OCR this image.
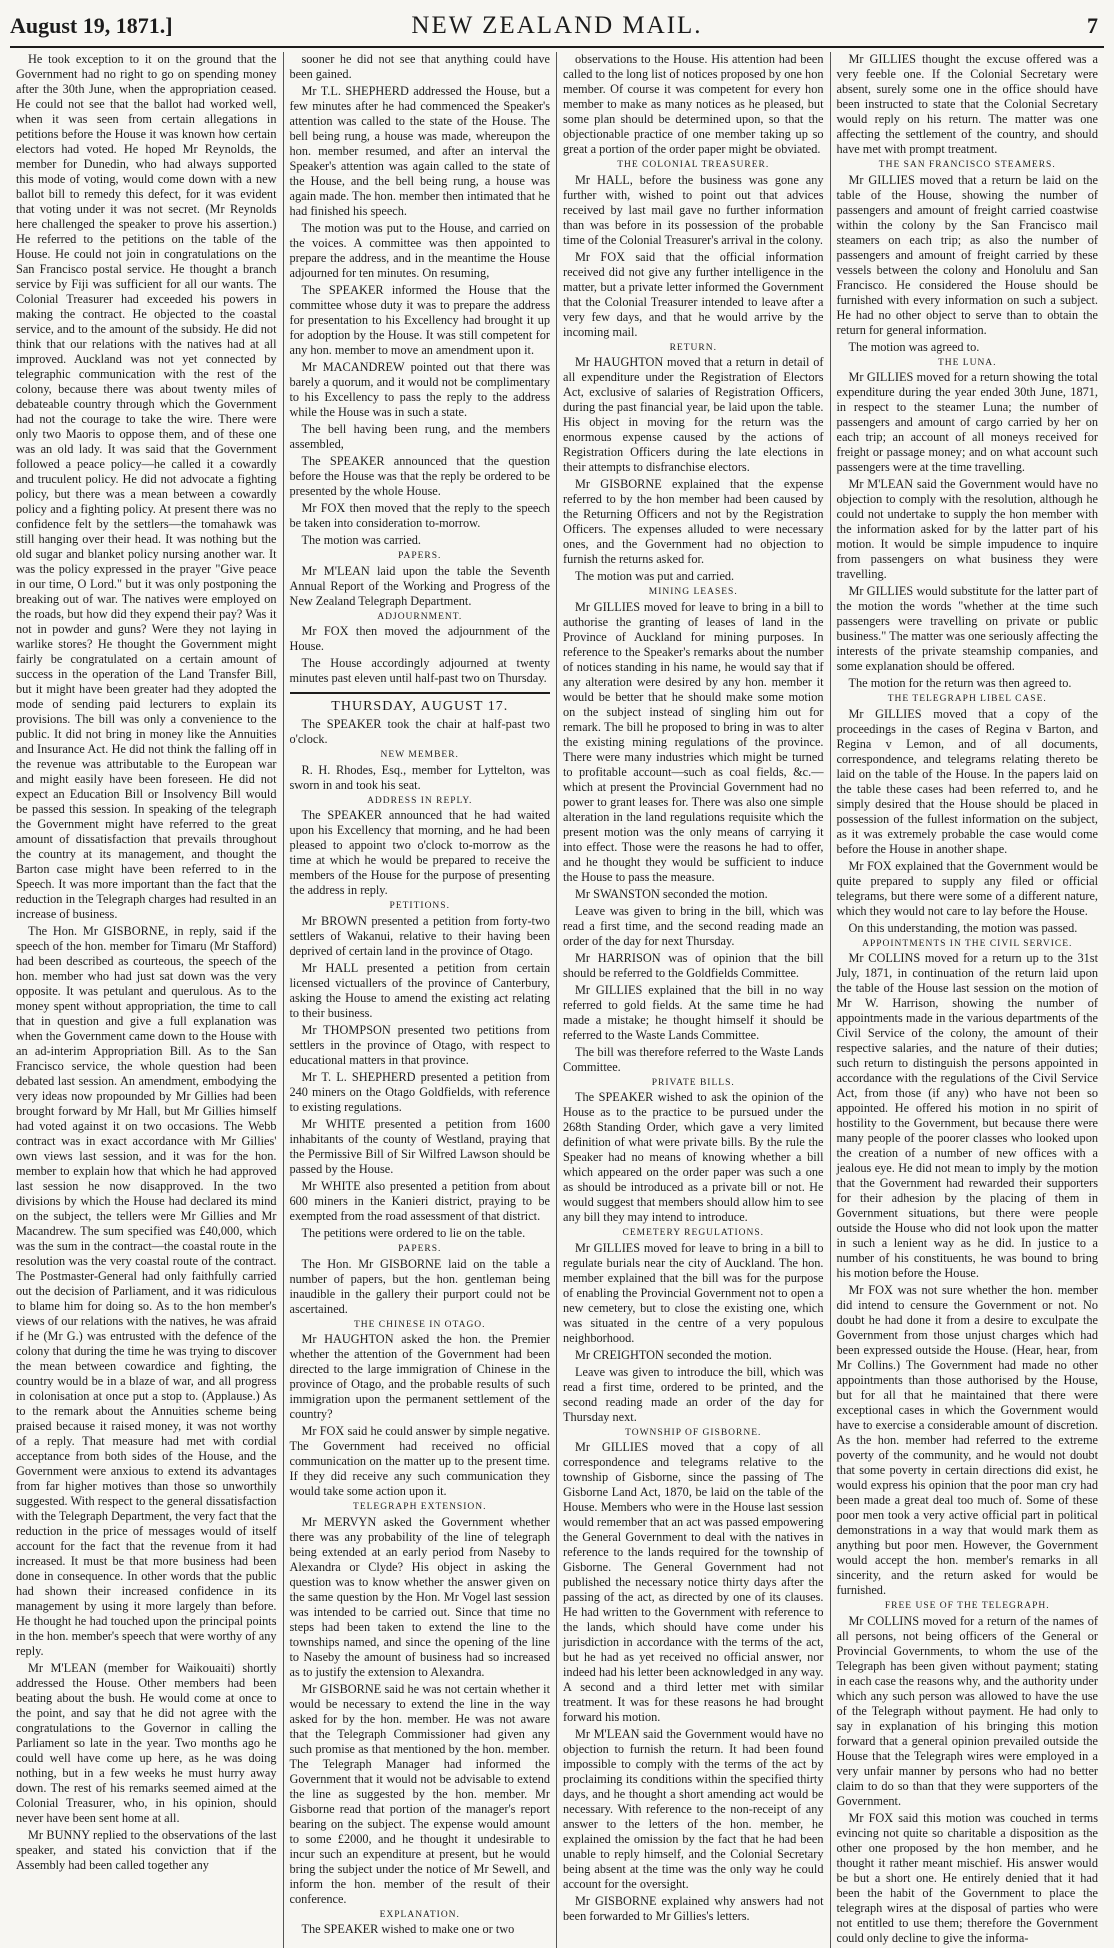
August 19, 1871.]	NEW ZEALAND MAIL.	7

He took exception to it on the ground that the Government had no right to go on spending money after the 30th June, when the appropriation ceased. He could not see that the ballot had worked well, when it was seen from certain allegations in petitions before the House it was known how certain electors had voted. He hoped Mr Reynolds, the member for Dunedin, who had always supported this mode of voting, would come down with a new ballot bill to remedy this defect, for it was evident that voting under it was not secret. (Mr Reynolds here challenged the speaker to prove his assertion.) He referred to the petitions on the table of the House. He could not join in congratulations on the San Francisco postal service. He thought a branch service by Fiji was sufficient for all our wants. The Colonial Treasurer had exceeded his powers in making the contract. He objected to the coastal service, and to the amount of the subsidy. He did not think that our relations with the natives had at all improved. Auckland was not yet connected by telegraphic communication with the rest of the colony, because there was about twenty miles of debateable country through which the Government had not the courage to take the wire. There were only two Maoris to oppose them, and of these one was an old lady. It was said that the Government followed a peace policy—he called it a cowardly and truculent policy. He did not advocate a fighting policy, but there was a mean between a cowardly policy and a fighting policy. At present there was no confidence felt by the settlers—the tomahawk was still hanging over their head. It was nothing but the old sugar and blanket policy nursing another war. It was the policy expressed in the prayer "Give peace in our time, O Lord." but it was only postponing the breaking out of war. The natives were employed on the roads, but how did they expend their pay? Was it not in powder and guns? Were they not laying in warlike stores? He thought the Government might fairly be congratulated on a certain amount of success in the operation of the Land Transfer Bill, but it might have been greater had they adopted the mode of sending paid lecturers to explain its provisions. The bill was only a convenience to the public. It did not bring in money like the Annuities and Insurance Act. He did not think the falling off in the revenue was attributable to the European war and might easily have been foreseen. He did not expect an Education Bill or Insolvency Bill would be passed this session. In speaking of the telegraph the Government might have referred to the great amount of dissatisfaction that prevails throughout the country at its management, and thought the Barton case might have been referred to in the Speech. It was more important than the fact that the reduction in the Telegraph charges had resulted in an increase of business.

The Hon. Mr GISBORNE, in reply, said if the speech of the hon. member for Timaru (Mr Stafford) had been described as courteous, the speech of the hon. member who had just sat down was the very opposite. It was petulant and querulous. As to the money spent without appropriation, the time to call that in question and give a full explanation was when the Government came down to the House with an ad-interim Appropriation Bill. As to the San Francisco service, the whole question had been debated last session. An amendment, embodying the very ideas now propounded by Mr Gillies had been brought forward by Mr Hall, but Mr Gillies himself had voted against it on two occasions. The Webb contract was in exact accordance with Mr Gillies' own views last session, and it was for the hon. member to explain how that which he had approved last session he now disapproved. In the two divisions by which the House had declared its mind on the subject, the tellers were Mr Gillies and Mr Macandrew. The sum specified was £40,000, which was the sum in the contract—the coastal route in the resolution was the very coastal route of the contract. The Postmaster-General had only faithfully carried out the decision of Parliament, and it was ridiculous to blame him for doing so. As to the hon member's views of our relations with the natives, he was afraid if he (Mr G.) was entrusted with the defence of the colony that during the time he was trying to discover the mean between cowardice and fighting, the country would be in a blaze of war, and all progress in colonisation at once put a stop to. (Applause.) As to the remark about the Annuities scheme being praised because it raised money, it was not worthy of a reply. That measure had met with cordial acceptance from both sides of the House, and the Government were anxious to extend its advantages from far higher motives than those so unworthily suggested. With respect to the general dissatisfaction with the Telegraph Department, the very fact that the reduction in the price of messages would of itself account for the fact that the revenue from it had increased. It must be that more business had been done in consequence. In other words that the public had shown their increased confidence in its management by using it more largely than before. He thought he had touched upon the principal points in the hon. member's speech that were worthy of any reply.

Mr M'LEAN (member for Waikouaiti) shortly addressed the House. Other members had been beating about the bush. He would come at once to the point, and say that he did not agree with the congratulations to the Governor in calling the Parliament so late in the year. Two months ago he could well have come up here, as he was doing nothing, but in a few weeks he must hurry away down. The rest of his remarks seemed aimed at the Colonial Treasurer, who, in his opinion, should never have been sent home at all.

Mr BUNNY replied to the observations of the last speaker, and stated his conviction that if the Assembly had been called together any

sooner he did not see that anything could have been gained.

Mr T.L. SHEPHERD addressed the House, but a few minutes after he had commenced the Speaker's attention was called to the state of the House. The bell being rung, a house was made, whereupon the hon. member resumed, and after an interval the Speaker's attention was again called to the state of the House, and the bell being rung, a house was again made. The hon. member then intimated that he had finished his speech.

The motion was put to the House, and carried on the voices. A committee was then appointed to prepare the address, and in the meantime the House adjourned for ten minutes. On resuming,

The SPEAKER informed the House that the committee whose duty it was to prepare the address for presentation to his Excellency had brought it up for adoption by the House. It was still competent for any hon. member to move an amendment upon it.

Mr MACANDREW pointed out that there was barely a quorum, and it would not be complimentary to his Excellency to pass the reply to the address while the House was in such a state.

The bell having been rung, and the members assembled,

The SPEAKER announced that the question before the House was that the reply be ordered to be presented by the whole House.

Mr FOX then moved that the reply to the speech be taken into consideration to-morrow.

The motion was carried.

PAPERS.

Mr M'LEAN laid upon the table the Seventh Annual Report of the Working and Progress of the New Zealand Telegraph Department.

ADJOURNMENT.

Mr FOX then moved the adjournment of the House.

The House accordingly adjourned at twenty minutes past eleven until half-past two on Thursday.

THURSDAY, AUGUST 17.

The SPEAKER took the chair at half-past two o'clock.

NEW MEMBER.

R. H. Rhodes, Esq., member for Lyttelton, was sworn in and took his seat.

ADDRESS IN REPLY.

The SPEAKER announced that he had waited upon his Excellency that morning, and he had been pleased to appoint two o'clock to-morrow as the time at which he would be prepared to receive the members of the House for the purpose of presenting the address in reply.

PETITIONS.

Mr BROWN presented a petition from forty-two settlers of Wakanui, relative to their having been deprived of certain land in the province of Otago.

Mr HALL presented a petition from certain licensed victuallers of the province of Canterbury, asking the House to amend the existing act relating to their business.

Mr THOMPSON presented two petitions from settlers in the province of Otago, with respect to educational matters in that province.

Mr T. L. SHEPHERD presented a petition from 240 miners on the Otago Goldfields, with reference to existing regulations.

Mr WHITE presented a petition from 1600 inhabitants of the county of Westland, praying that the Permissive Bill of Sir Wilfred Lawson should be passed by the House.

Mr WHITE also presented a petition from about 600 miners in the Kanieri district, praying to be exempted from the road assessment of that district.

The petitions were ordered to lie on the table.

PAPERS.

The Hon. Mr GISBORNE laid on the table a number of papers, but the hon. gentleman being inaudible in the gallery their purport could not be ascertained.

THE CHINESE IN OTAGO.

Mr HAUGHTON asked the hon. the Premier whether the attention of the Government had been directed to the large immigration of Chinese in the province of Otago, and the probable results of such immigration upon the permanent settlement of the country?

Mr FOX said he could answer by simple negative. The Government had received no official communication on the matter up to the present time. If they did receive any such communication they would take some action upon it.

TELEGRAPH EXTENSION.

Mr MERVYN asked the Government whether there was any probability of the line of telegraph being extended at an early period from Naseby to Alexandra or Clyde? His object in asking the question was to know whether the answer given on the same question by the Hon. Mr Vogel last session was intended to be carried out. Since that time no steps had been taken to extend the line to the townships named, and since the opening of the line to Naseby the amount of business had so increased as to justify the extension to Alexandra.

Mr GISBORNE said he was not certain whether it would be necessary to extend the line in the way asked for by the hon. member. He was not aware that the Telegraph Commissioner had given any such promise as that mentioned by the hon. member. The Telegraph Manager had informed the Government that it would not be advisable to extend the line as suggested by the hon. member. Mr Gisborne read that portion of the manager's report bearing on the subject. The expense would amount to some £2000, and he thought it undesirable to incur such an expenditure at present, but he would bring the subject under the notice of Mr Sewell, and inform the hon. member of the result of their conference.

EXPLANATION.

The SPEAKER wished to make one or two

observations to the House. His attention had been called to the long list of notices proposed by one hon member. Of course it was competent for every hon member to make as many notices as he pleased, but some plan should be determined upon, so that the objectionable practice of one member taking up so great a portion of the order paper might be obviated.

THE COLONIAL TREASURER.

Mr HALL, before the business was gone any further with, wished to point out that advices received by last mail gave no further information than was before in its possession of the probable time of the Colonial Treasurer's arrival in the colony.

Mr FOX said that the official information received did not give any further intelligence in the matter, but a private letter informed the Government that the Colonial Treasurer intended to leave after a very few days, and that he would arrive by the incoming mail.

RETURN.

Mr HAUGHTON moved that a return in detail of all expenditure under the Registration of Electors Act, exclusive of salaries of Registration Officers, during the past financial year, be laid upon the table. His object in moving for the return was the enormous expense caused by the actions of Registration Officers during the late elections in their attempts to disfranchise electors.

Mr GISBORNE explained that the expense referred to by the hon member had been caused by the Returning Officers and not by the Registration Officers. The expenses alluded to were necessary ones, and the Government had no objection to furnish the returns asked for.

The motion was put and carried.

MINING LEASES.

Mr GILLIES moved for leave to bring in a bill to authorise the granting of leases of land in the Province of Auckland for mining purposes. In reference to the Speaker's remarks about the number of notices standing in his name, he would say that if any alteration were desired by any hon. member it would be better that he should make some motion on the subject instead of singling him out for remark. The bill he proposed to bring in was to alter the existing mining regulations of the province. There were many industries which might be turned to profitable account—such as coal fields, &c.—which at present the Provincial Government had no power to grant leases for. There was also one simple alteration in the land regulations requisite which the present motion was the only means of carrying it into effect. Those were the reasons he had to offer, and he thought they would be sufficient to induce the House to pass the measure.

Mr SWANSTON seconded the motion.

Leave was given to bring in the bill, which was read a first time, and the second reading made an order of the day for next Thursday.

Mr HARRISON was of opinion that the bill should be referred to the Goldfields Committee.

Mr GILLIES explained that the bill in no way referred to gold fields. At the same time he had made a mistake; he thought himself it should be referred to the Waste Lands Committee.

The bill was therefore referred to the Waste Lands Committee.

PRIVATE BILLS.

The SPEAKER wished to ask the opinion of the House as to the practice to be pursued under the 268th Standing Order, which gave a very limited definition of what were private bills. By the rule the Speaker had no means of knowing whether a bill which appeared on the order paper was such a one as should be introduced as a private bill or not. He would suggest that members should allow him to see any bill they may intend to introduce.

CEMETERY REGULATIONS.

Mr GILLIES moved for leave to bring in a bill to regulate burials near the city of Auckland. The hon. member explained that the bill was for the purpose of enabling the Provincial Government not to open a new cemetery, but to close the existing one, which was situated in the centre of a very populous neighborhood.

Mr CREIGHTON seconded the motion.

Leave was given to introduce the bill, which was read a first time, ordered to be printed, and the second reading made an order of the day for Thursday next.

TOWNSHIP OF GISBORNE.

Mr GILLIES moved that a copy of all correspondence and telegrams relative to the township of Gisborne, since the passing of The Gisborne Land Act, 1870, be laid on the table of the House. Members who were in the House last session would remember that an act was passed empowering the General Government to deal with the natives in reference to the lands required for the township of Gisborne. The General Government had not published the necessary notice thirty days after the passing of the act, as directed by one of its clauses. He had written to the Government with reference to the lands, which should have come under his jurisdiction in accordance with the terms of the act, but he had as yet received no official answer, nor indeed had his letter been acknowledged in any way. A second and a third letter met with similar treatment. It was for these reasons he had brought forward his motion.

Mr M'LEAN said the Government would have no objection to furnish the return. It had been found impossible to comply with the terms of the act by proclaiming its conditions within the specified thirty days, and he thought a short amending act would be necessary. With reference to the non-receipt of any answer to the letters of the hon. member, he explained the omission by the fact that he had been unable to reply himself, and the Colonial Secretary being absent at the time was the only way he could account for the oversight.

Mr GISBORNE explained why answers had not been forwarded to Mr Gillies's letters.

Mr GILLIES thought the excuse offered was a very feeble one. If the Colonial Secretary were absent, surely some one in the office should have been instructed to state that the Colonial Secretary would reply on his return. The matter was one affecting the settlement of the country, and should have met with prompt treatment.

THE SAN FRANCISCO STEAMERS.

Mr GILLIES moved that a return be laid on the table of the House, showing the number of passengers and amount of freight carried coastwise within the colony by the San Francisco mail steamers on each trip; as also the number of passengers and amount of freight carried by these vessels between the colony and Honolulu and San Francisco. He considered the House should be furnished with every information on such a subject. He had no other object to serve than to obtain the return for general information.

The motion was agreed to.

THE LUNA.

Mr GILLIES moved for a return showing the total expenditure during the year ended 30th June, 1871, in respect to the steamer Luna; the number of passengers and amount of cargo carried by her on each trip; an account of all moneys received for freight or passage money; and on what account such passengers were at the time travelling.

Mr M'LEAN said the Government would have no objection to comply with the resolution, although he could not undertake to supply the hon member with the information asked for by the latter part of his motion. It would be simple impudence to inquire from passengers on what business they were travelling.

Mr GILLIES would substitute for the latter part of the motion the words "whether at the time such passengers were travelling on private or public business." The matter was one seriously affecting the interests of the private steamship companies, and some explanation should be offered.

The motion for the return was then agreed to.

THE TELEGRAPH LIBEL CASE.

Mr GILLIES moved that a copy of the proceedings in the cases of Regina v Barton, and Regina v Lemon, and of all documents, correspondence, and telegrams relating thereto be laid on the table of the House. In the papers laid on the table these cases had been referred to, and he simply desired that the House should be placed in possession of the fullest information on the subject, as it was extremely probable the case would come before the House in another shape.

Mr FOX explained that the Government would be quite prepared to supply any filed or official telegrams, but there were some of a different nature, which they would not care to lay before the House.

On this understanding, the motion was passed.

APPOINTMENTS IN THE CIVIL SERVICE.

Mr COLLINS moved for a return up to the 31st July, 1871, in continuation of the return laid upon the table of the House last session on the motion of Mr W. Harrison, showing the number of appointments made in the various departments of the Civil Service of the colony, the amount of their respective salaries, and the nature of their duties; such return to distinguish the persons appointed in accordance with the regulations of the Civil Service Act, from those (if any) who have not been so appointed. He offered his motion in no spirit of hostility to the Government, but because there were many people of the poorer classes who looked upon the creation of a number of new offices with a jealous eye. He did not mean to imply by the motion that the Government had rewarded their supporters for their adhesion by the placing of them in Government situations, but there were people outside the House who did not look upon the matter in such a lenient way as he did. In justice to a number of his constituents, he was bound to bring his motion before the House.

Mr FOX was not sure whether the hon. member did intend to censure the Government or not. No doubt he had done it from a desire to exculpate the Government from those unjust charges which had been expressed outside the House. (Hear, hear, from Mr Collins.) The Government had made no other appointments than those authorised by the House, but for all that he maintained that there were exceptional cases in which the Government would have to exercise a considerable amount of discretion. As the hon. member had referred to the extreme poverty of the community, and he would not doubt that some poverty in certain directions did exist, he would express his opinion that the poor man cry had been made a great deal too much of. Some of these poor men took a very active official part in political demonstrations in a way that would mark them as anything but poor men. However, the Government would accept the hon. member's remarks in all sincerity, and the return asked for would be furnished.

FREE USE OF THE TELEGRAPH.

Mr COLLINS moved for a return of the names of all persons, not being officers of the General or Provincial Governments, to whom the use of the Telegraph has been given without payment; stating in each case the reasons why, and the authority under which any such person was allowed to have the use of the Telegraph without payment. He had only to say in explanation of his bringing this motion forward that a general opinion prevailed outside the House that the Telegraph wires were employed in a very unfair manner by persons who had no better claim to do so than that they were supporters of the Government.

Mr FOX said this motion was couched in terms evincing not quite so charitable a disposition as the other one proposed by the hon member, and he thought it rather meant mischief. His answer would be but a short one. He entirely denied that it had been the habit of the Government to place the telegraph wires at the disposal of parties who were not entitled to use them; therefore the Government could only decline to give the informa-
